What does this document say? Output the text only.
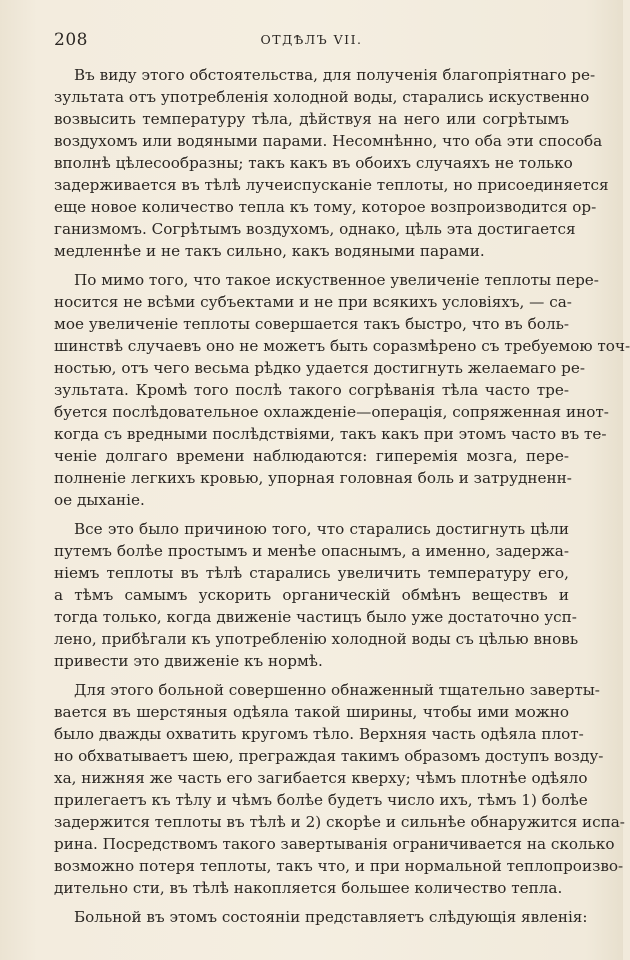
208	ОТДѢЛЪ VII.
Въ виду этого обстоятельства, для полученія благопріятнаго ре-
зультата отъ употребленія холодной воды, старались искуственно
возвысить температуру тѣла, дѣйствуя на него или согрѣтымъ
воздухомъ или водяными парами. Несомнѣнно, что оба эти способа
вполнѣ цѣлесообразны; такъ какъ въ обоихъ случаяхъ не только
задерживается въ тѣлѣ лучеиспусканіе теплоты, но присоединяется
еще новое количество тепла къ тому, которое возпроизводится ор-
ганизмомъ. Согрѣтымъ воздухомъ, однако, цѣль эта достигается
медленнѣе и не такъ сильно, какъ водяными парами.
По мимо того, что такое искуственное увеличеніе теплоты пере-
носится не всѣми субъектами и не при всякихъ условіяхъ, — са-
мое увеличеніе теплоты совершается такъ быстро, что въ боль-
шинствѣ случаевъ оно не можетъ быть соразмѣрено съ требуемою точ-
ностью, отъ чего весьма рѣдко удается достигнуть желаемаго ре-
зультата. Кромѣ того послѣ такого согрѣванія тѣла часто тре-
буется послѣдовательное охлажденіе—операція, сопряженная инот-
когда съ вредными послѣдствіями, такъ какъ при этомъ часто въ те-
ченіе долгаго времени наблюдаются: гиперемія мозга, пере-
полненіе легкихъ кровью, упорная головная боль и затрудненн-
ое дыханіе.
Все это было причиною того, что старались достигнуть цѣли
путемъ болѣе простымъ и менѣе опаснымъ, а именно, задержа-
ніемъ теплоты въ тѣлѣ старались увеличить температуру его,
а тѣмъ самымъ ускорить органическій обмѣнъ веществъ и
тогда только, когда движеніе частицъ было уже достаточно усп-
лено, прибѣгали къ употребленію холодной воды съ цѣлью вновь
привести это движеніе къ нормѣ.
Для этого больной совершенно обнаженный тщательно заверты-
вается въ шерстяныя одѣяла такой ширины, чтобы ими можно
было дважды охватить кругомъ тѣло. Верхняя часть одѣяла плот-
но обхватываетъ шею, преграждая такимъ образомъ доступъ возду-
ха, нижняя же часть его загибается кверху; чѣмъ плотнѣе одѣяло
прилегаетъ къ тѣлу и чѣмъ болѣе будетъ число ихъ, тѣмъ 1) болѣе
задержится теплоты въ тѣлѣ и 2) скорѣе и сильнѣе обнаружится испа-
рина. Посредствомъ такого завертыванія ограничивается на сколько
возможно потеря теплоты, такъ что, и при нормальной теплопроизво-
дительно сти, въ тѣлѣ накопляется большее количество тепла.
Больной въ этомъ состояніи представляетъ слѣдующія явленія:
